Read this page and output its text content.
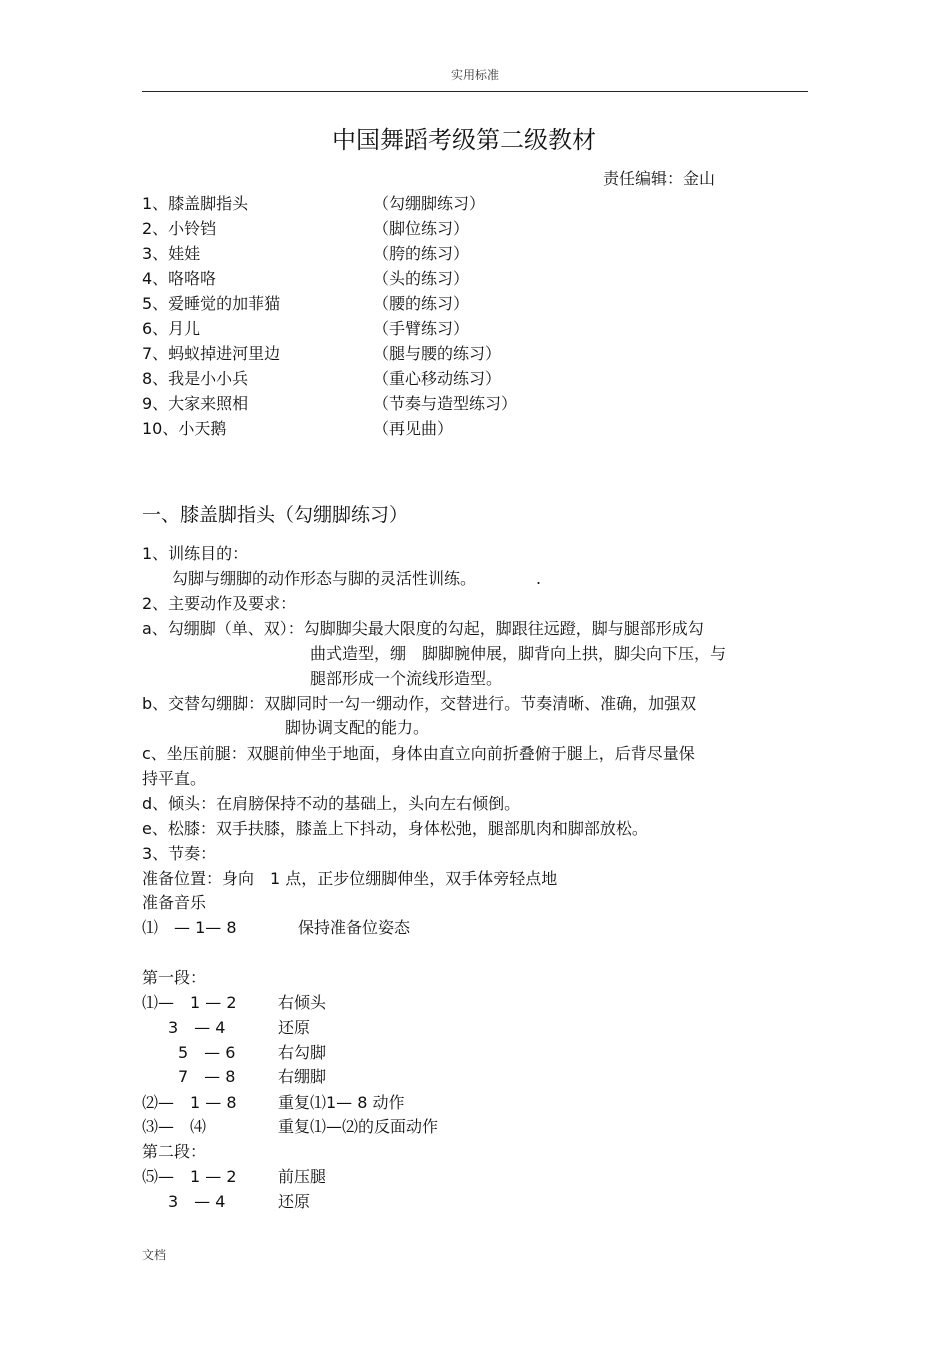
实用标准
中国舞蹈考级第二级教材
责任编辑：金山
1、膝盖脚指头	（勾绷脚练习）
2、小铃铛	（脚位练习）
3、娃娃	（胯的练习）
4、咯咯咯	（头的练习）
5、爱睡觉的加菲猫	（腰的练习）
6、月儿	（手臂练习）
7、蚂蚁掉进河里边	（腿与腰的练习）
8、我是小小兵	（重心移动练习）
9、大家来照相	（节奏与造型练习）
10、小天鹅	（再见曲）
一、膝盖脚指头（勾绷脚练习）
1、训练目的：
勾脚与绷脚的动作形态与脚的灵活性训练。	.
2、主要动作及要求：
a、勾绷脚（单、双）：勾脚脚尖最大限度的勾起，脚跟往远蹬，脚与腿部形成勾
曲式造型，绷　脚脚腕伸展，脚背向上拱，脚尖向下压，与
腿部形成一个流线形造型。
b、交替勾绷脚：双脚同时一勾一绷动作，交替进行。节奏清晰、准确，加强双
脚协调支配的能力。
c、坐压前腿：双腿前伸坐于地面，身体由直立向前折叠俯于腿上，后背尽量保
持平直。
d、倾头：在肩膀保持不动的基础上，头向左右倾倒。
e、松膝：双手扶膝，膝盖上下抖动，身体松弛，腿部肌肉和脚部放松。
3、节奏：
准备位置：身向　1 点，正步位绷脚伸坐，双手体旁轻点地
准备音乐
⑴　— 1— 8	保持准备位姿态
第一段：
⑴—　1 — 2	右倾头
3　— 4	还原
5　— 6	右勾脚
7　— 8	右绷脚
⑵—　1 — 8	重复⑴1— 8 动作
⑶—　⑷	重复⑴—⑵的反面动作
第二段：
⑸—　1 — 2	前压腿
3　— 4	还原
文档
